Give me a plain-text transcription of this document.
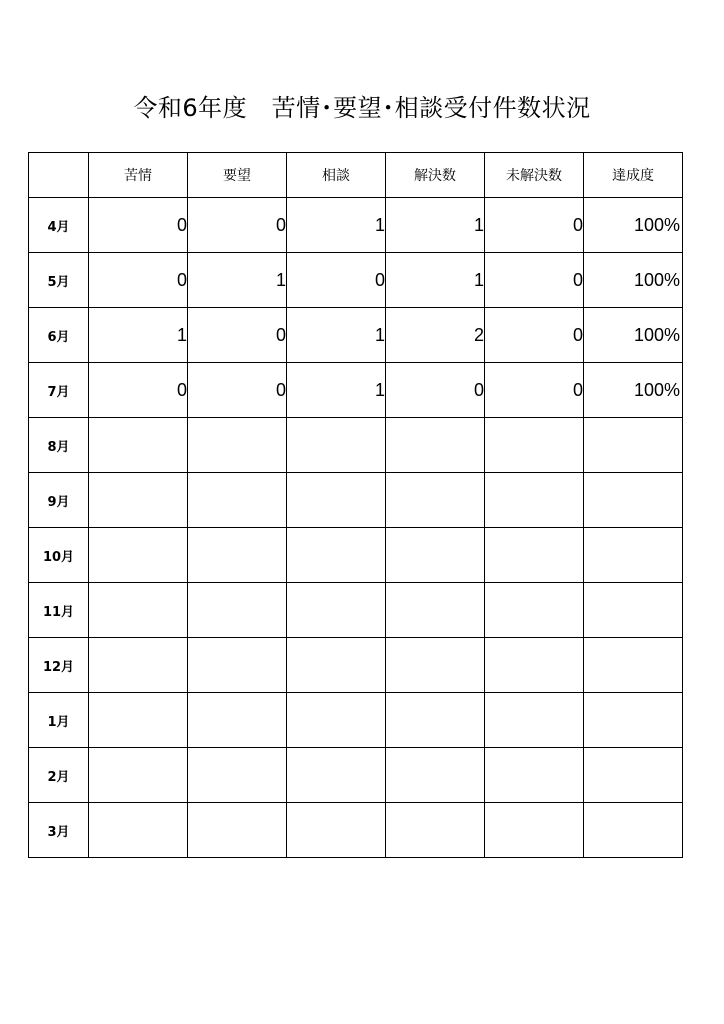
令和6年度　苦情･要望･相談受付件数状況
	苦情	要望	相談	解決数	未解決数	達成度
4月	0	0	1	1	0	100%
5月	0	1	0	1	0	100%
6月	1	0	1	2	0	100%
7月	0	0	1	0	0	100%
8月						
9月						
10月						
11月						
12月						
1月						
2月						
3月						
